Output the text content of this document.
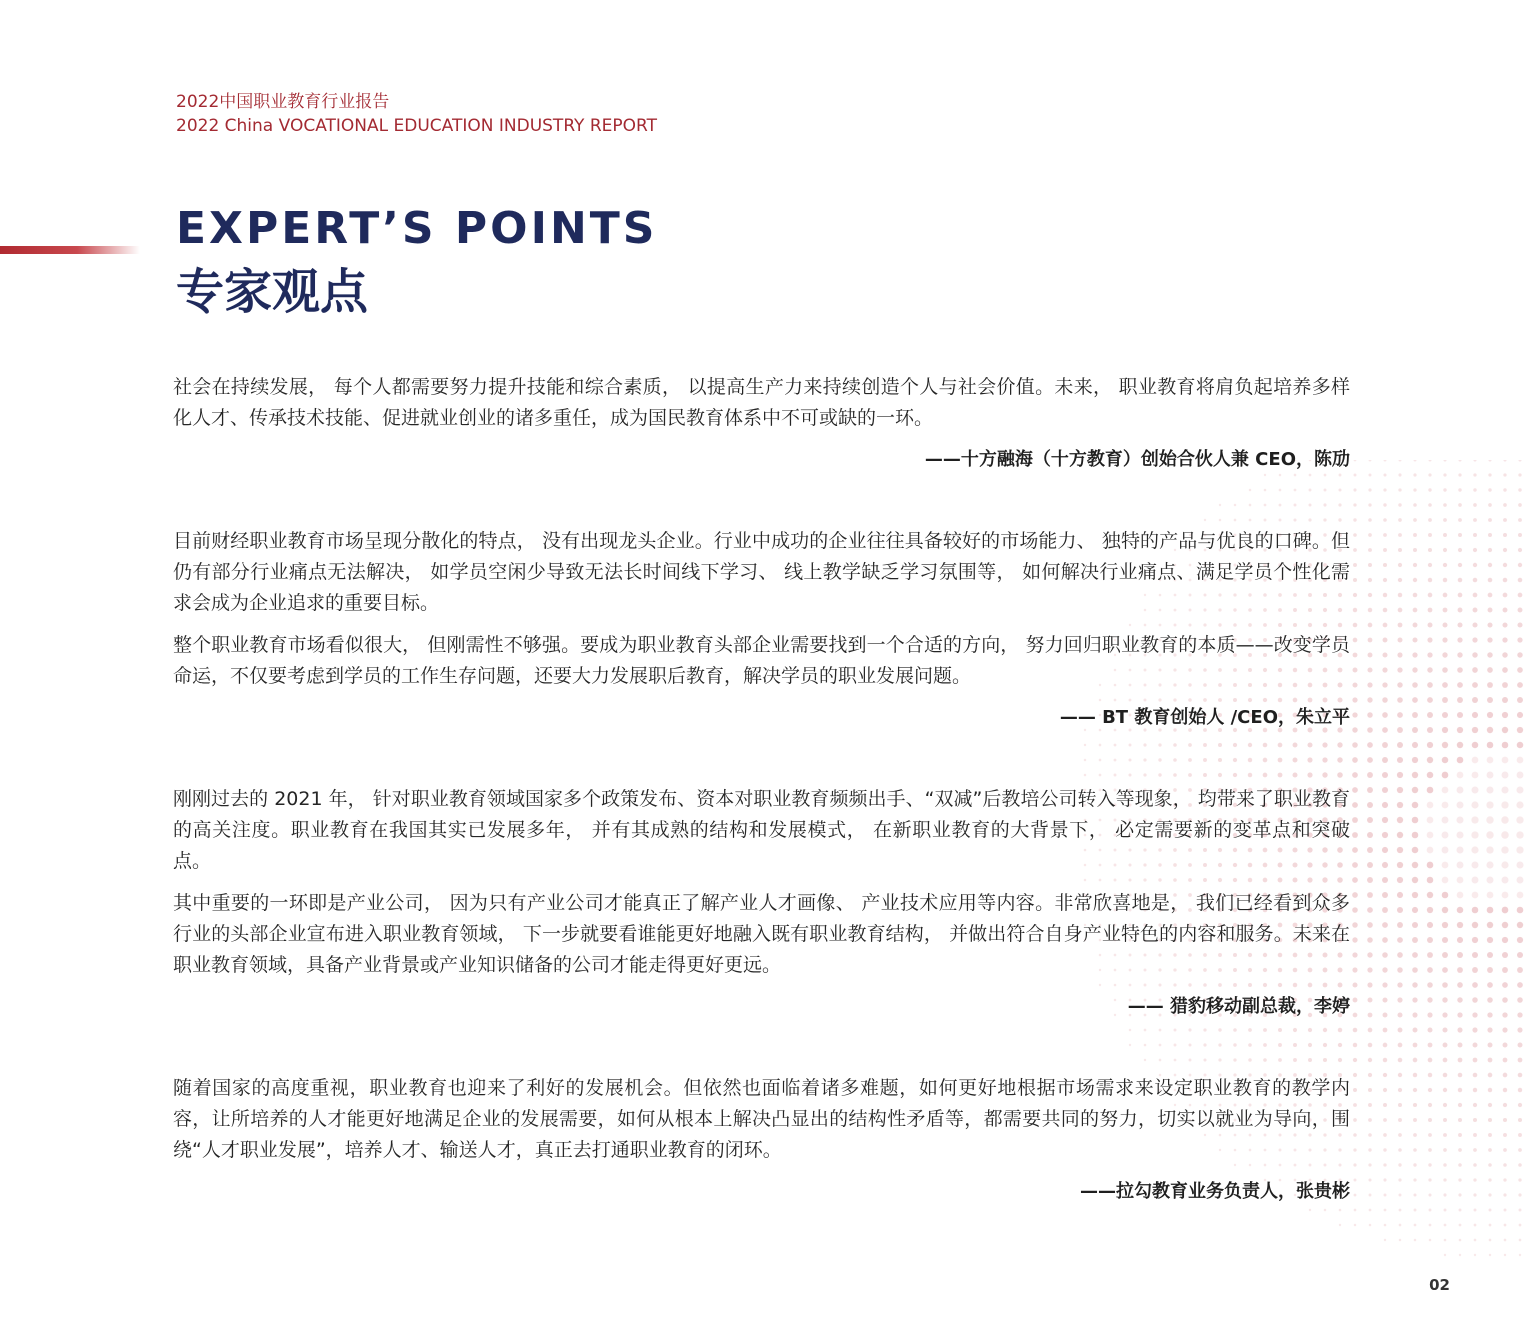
2022中国职业教育行业报告
2022 China VOCATIONAL EDUCATION INDUSTRY REPORT
EXPERT’S POINTS
专家观点

社会在持续发展， 每个人都需要努力提升技能和综合素质， 以提高生产力来持续创造个人与社会价值。未来， 职业教育将肩负起培养多样化人才、传承技术技能、促进就业创业的诸多重任，成为国民教育体系中不可或缺的一环。

——十方融海（十方教育）创始合伙人兼 CEO，陈劢

目前财经职业教育市场呈现分散化的特点， 没有出现龙头企业。行业中成功的企业往往具备较好的市场能力、 独特的产品与优良的口碑。但仍有部分行业痛点无法解决， 如学员空闲少导致无法长时间线下学习、 线上教学缺乏学习氛围等， 如何解决行业痛点、满足学员个性化需求会成为企业追求的重要目标。

整个职业教育市场看似很大， 但刚需性不够强。要成为职业教育头部企业需要找到一个合适的方向， 努力回归职业教育的本质——改变学员命运，不仅要考虑到学员的工作生存问题，还要大力发展职后教育，解决学员的职业发展问题。

—— BT 教育创始人 /CEO，朱立平

刚刚过去的 2021 年， 针对职业教育领域国家多个政策发布、资本对职业教育频频出手、“双减”后教培公司转入等现象， 均带来了职业教育的高关注度。职业教育在我国其实已发展多年， 并有其成熟的结构和发展模式， 在新职业教育的大背景下， 必定需要新的变革点和突破点。

其中重要的一环即是产业公司， 因为只有产业公司才能真正了解产业人才画像、 产业技术应用等内容。非常欣喜地是， 我们已经看到众多行业的头部企业宣布进入职业教育领域， 下一步就要看谁能更好地融入既有职业教育结构， 并做出符合自身产业特色的内容和服务。未来在职业教育领域，具备产业背景或产业知识储备的公司才能走得更好更远。

—— 猎豹移动副总裁，李婷

随着国家的高度重视，职业教育也迎来了利好的发展机会。但依然也面临着诸多难题，如何更好地根据市场需求来设定职业教育的教学内容，让所培养的人才能更好地满足企业的发展需要，如何从根本上解决凸显出的结构性矛盾等，都需要共同的努力，切实以就业为导向，围绕“人才职业发展”，培养人才、输送人才，真正去打通职业教育的闭环。

——拉勾教育业务负责人，张贵彬
02
